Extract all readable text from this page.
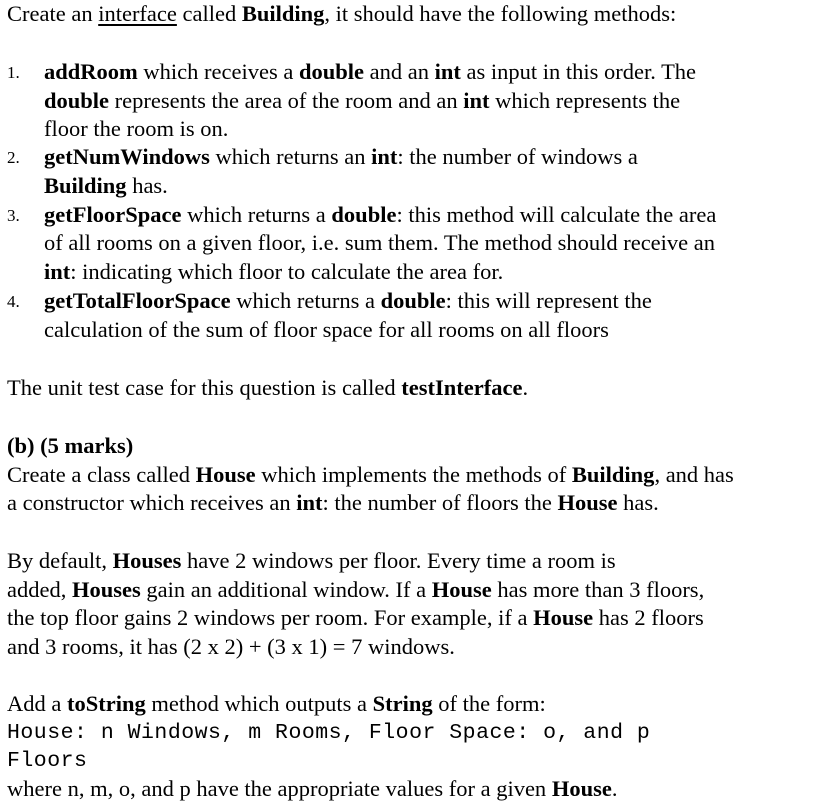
Create an interface called Building, it should have the following methods:
1. addRoom which receives a double and an int as input in this order. The
double represents the area of the room and an int which represents the
floor the room is on.
2. getNumWindows which returns an int: the number of windows a
Building has.
3. getFloorSpace which returns a double: this method will calculate the area
of all rooms on a given floor, i.e. sum them. The method should receive an
int: indicating which floor to calculate the area for.
4. getTotalFloorSpace which returns a double: this will represent the
calculation of the sum of floor space for all rooms on all floors
The unit test case for this question is called testInterface.
(b) (5 marks)
Create a class called House which implements the methods of Building, and has
a constructor which receives an int: the number of floors the House has.
By default, Houses have 2 windows per floor. Every time a room is
added, Houses gain an additional window. If a House has more than 3 floors,
the top floor gains 2 windows per room. For example, if a House has 2 floors
and 3 rooms, it has (2 x 2) + (3 x 1) = 7 windows.
Add a toString method which outputs a String of the form:
House: n Windows, m Rooms, Floor Space: o, and p
Floors
where n, m, o, and p have the appropriate values for a given House.
